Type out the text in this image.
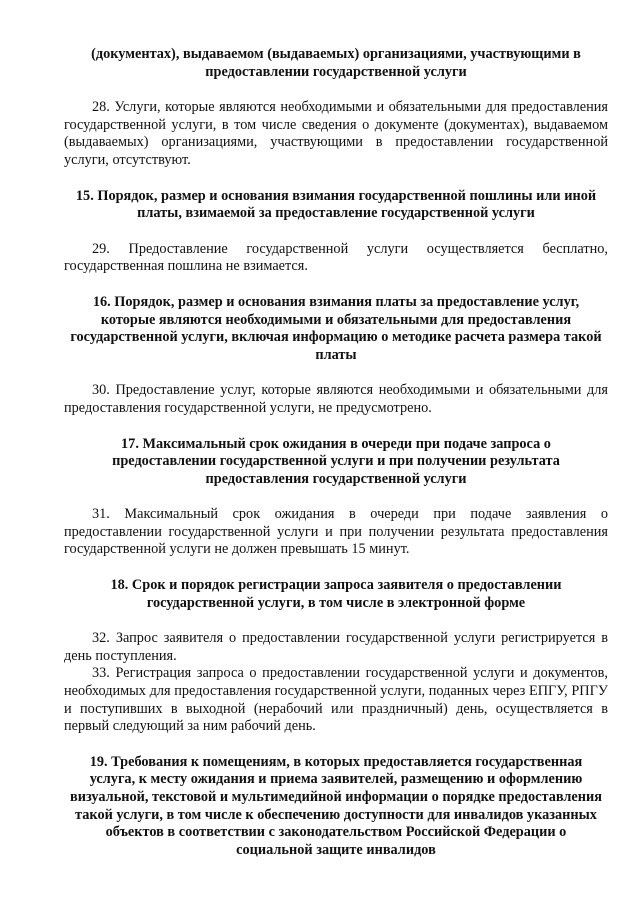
(документах), выдаваемом (выдаваемых) организациями, участвующими в предоставлении государственной услуги

28. Услуги, которые являются необходимыми и обязательными для предоставления государственной услуги, в том числе сведения о документе (документах), выдаваемом (выдаваемых) организациями, участвующими в предоставлении государственной услуги, отсутствуют.

15. Порядок, размер и основания взимания государственной пошлины или иной платы, взимаемой за предоставление государственной услуги

29. Предоставление государственной услуги осуществляется бесплатно, государственная пошлина не взимается.

16. Порядок, размер и основания взимания платы за предоставление услуг, которые являются необходимыми и обязательными для предоставления государственной услуги, включая информацию о методике расчета размера такой платы

30. Предоставление услуг, которые являются необходимыми и обязательными для предоставления государственной услуги, не предусмотрено.

17. Максимальный срок ожидания в очереди при подаче запроса о предоставлении государственной услуги и при получении результата предоставления государственной услуги

31. Максимальный срок ожидания в очереди при подаче заявления о предоставлении государственной услуги и при получении результата предоставления государственной услуги не должен превышать 15 минут.

18. Срок и порядок регистрации запроса заявителя о предоставлении государственной услуги, в том числе в электронной форме

32. Запрос заявителя о предоставлении государственной услуги регистрируется в день поступления.

33. Регистрация запроса о предоставлении государственной услуги и документов, необходимых для предоставления государственной услуги, поданных через ЕПГУ, РПГУ и поступивших в выходной (нерабочий или праздничный) день, осуществляется в первый следующий за ним рабочий день.

19. Требования к помещениям, в которых предоставляется государственная услуга, к месту ожидания и приема заявителей, размещению и оформлению визуальной, текстовой и мультимедийной информации о порядке предоставления такой услуги, в том числе к обеспечению доступности для инвалидов указанных объектов в соответствии с законодательством Российской Федерации о социальной защите инвалидов
